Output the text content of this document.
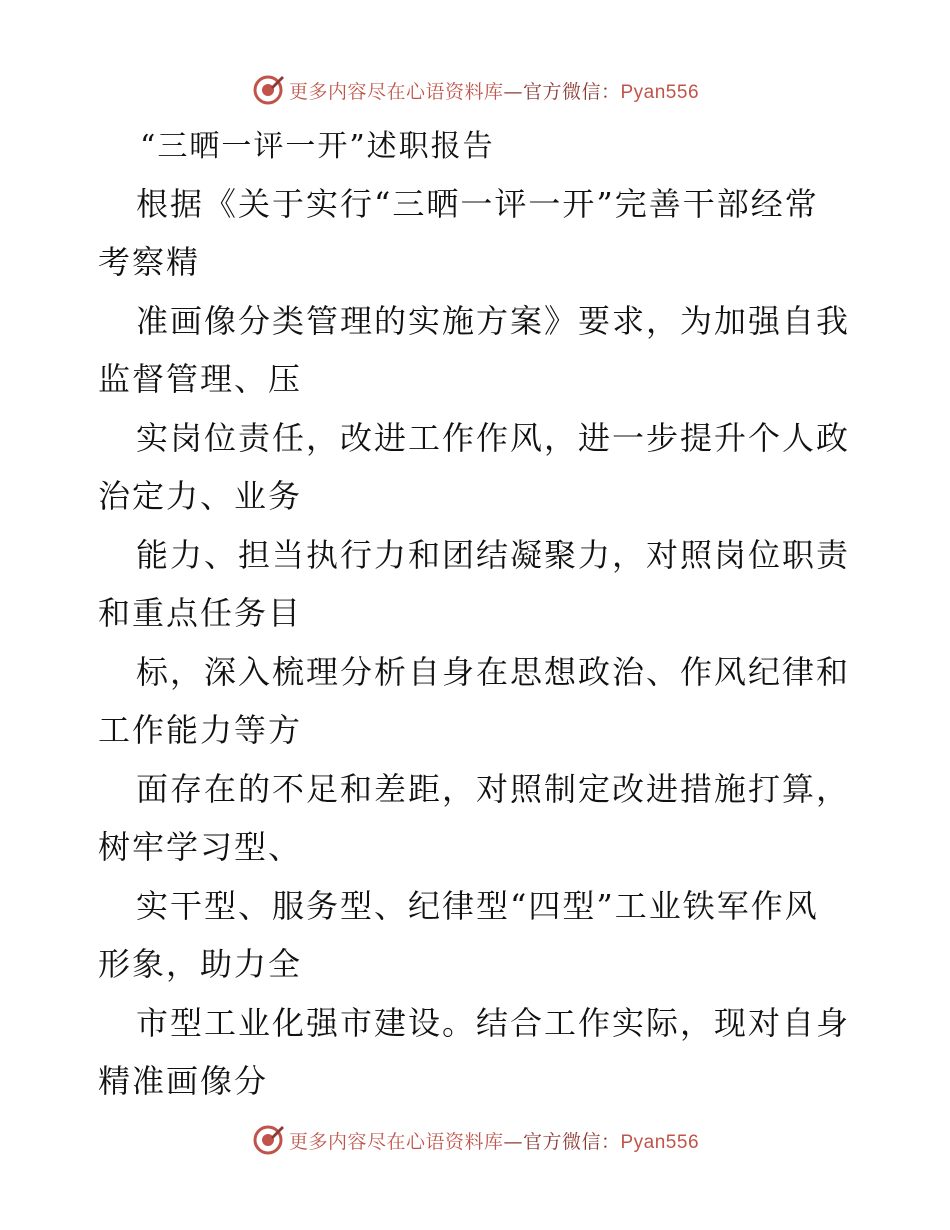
更多内容尽在心语资料库—官方微信：Pyan556
“三晒一评一开”述职报告
根据《关于实行“三晒一评一开”完善干部经常
考察精
准画像分类管理的实施方案》要求，为加强自我
监督管理、压
实岗位责任，改进工作作风，进一步提升个人政
治定力、业务
能力、担当执行力和团结凝聚力，对照岗位职责
和重点任务目
标，深入梳理分析自身在思想政治、作风纪律和
工作能力等方
面存在的不足和差距，对照制定改进措施打算，
树牢学习型、
实干型、服务型、纪律型“四型”工业铁军作风
形象，助力全
市型工业化强市建设。结合工作实际，现对自身
精准画像分
更多内容尽在心语资料库—官方微信：Pyan556
